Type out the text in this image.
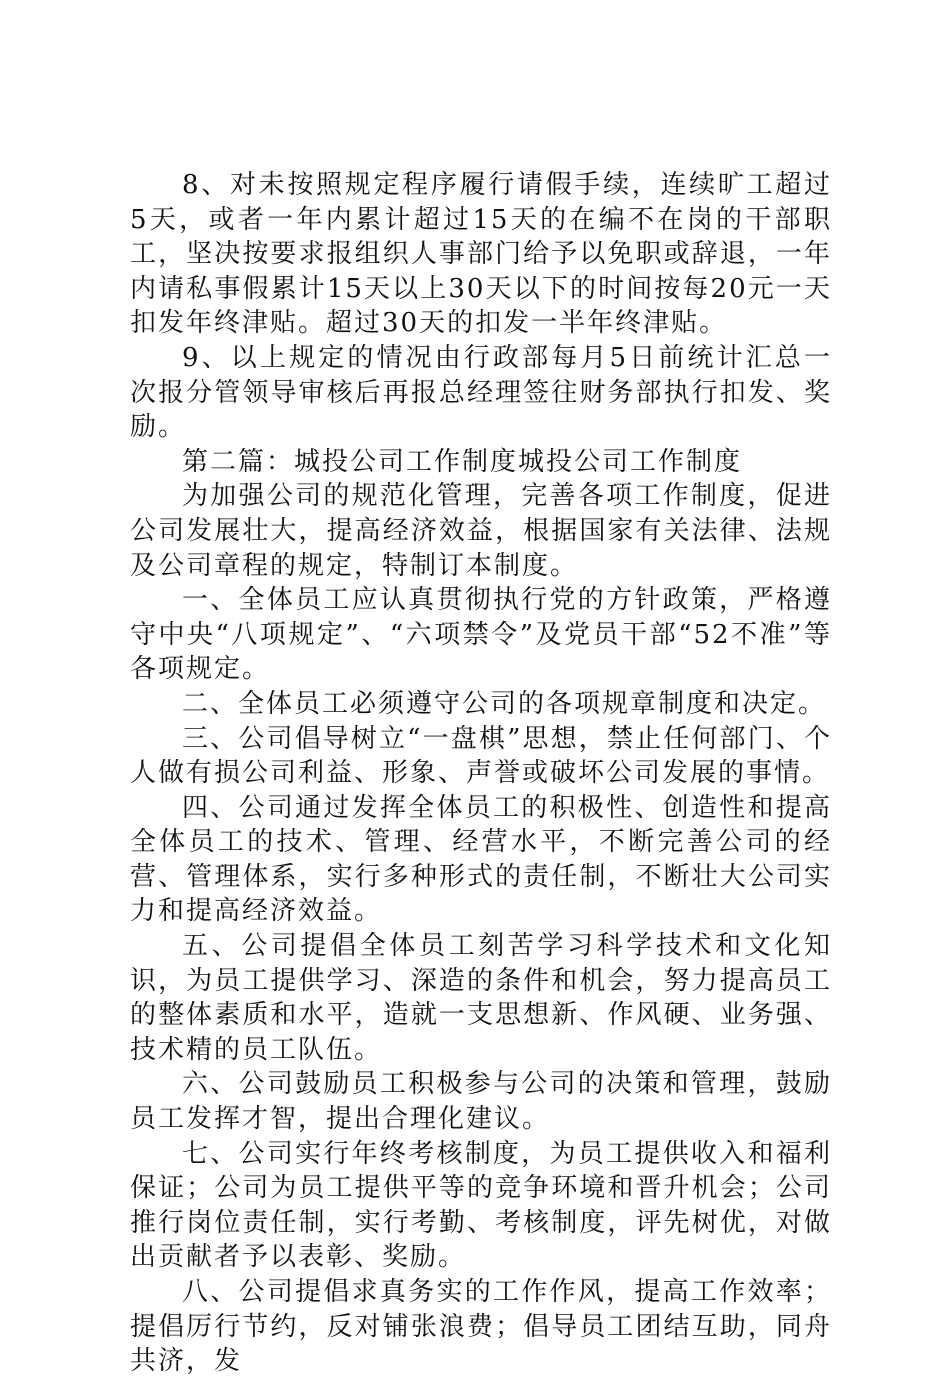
8、对未按照规定程序履行请假手续，连续旷工超过5天，或者一年内累计超过15天的在编不在岗的干部职工，坚决按要求报组织人事部门给予以免职或辞退，一年内请私事假累计15天以上30天以下的时间按每20元一天扣发年终津贴。超过30天的扣发一半年终津贴。

9、以上规定的情况由行政部每月5日前统计汇总一次报分管领导审核后再报总经理签往财务部执行扣发、奖励。

第二篇：城投公司工作制度城投公司工作制度

为加强公司的规范化管理，完善各项工作制度，促进公司发展壮大，提高经济效益，根据国家有关法律、法规及公司章程的规定，特制订本制度。

一、全体员工应认真贯彻执行党的方针政策，严格遵守中央“八项规定”、“六项禁令”及党员干部“52不准”等各项规定。

二、全体员工必须遵守公司的各项规章制度和决定。

三、公司倡导树立“一盘棋”思想，禁止任何部门、个人做有损公司利益、形象、声誉或破坏公司发展的事情。

四、公司通过发挥全体员工的积极性、创造性和提高全体员工的技术、管理、经营水平，不断完善公司的经营、管理体系，实行多种形式的责任制，不断壮大公司实力和提高经济效益。

五、公司提倡全体员工刻苦学习科学技术和文化知识，为员工提供学习、深造的条件和机会，努力提高员工的整体素质和水平，造就一支思想新、作风硬、业务强、技术精的员工队伍。

六、公司鼓励员工积极参与公司的决策和管理，鼓励员工发挥才智，提出合理化建议。

七、公司实行年终考核制度，为员工提供收入和福利保证；公司为员工提供平等的竞争环境和晋升机会；公司推行岗位责任制，实行考勤、考核制度，评先树优，对做出贡献者予以表彰、奖励。

八、公司提倡求真务实的工作作风，提高工作效率；提倡厉行节约，反对铺张浪费；倡导员工团结互助，同舟共济，发
